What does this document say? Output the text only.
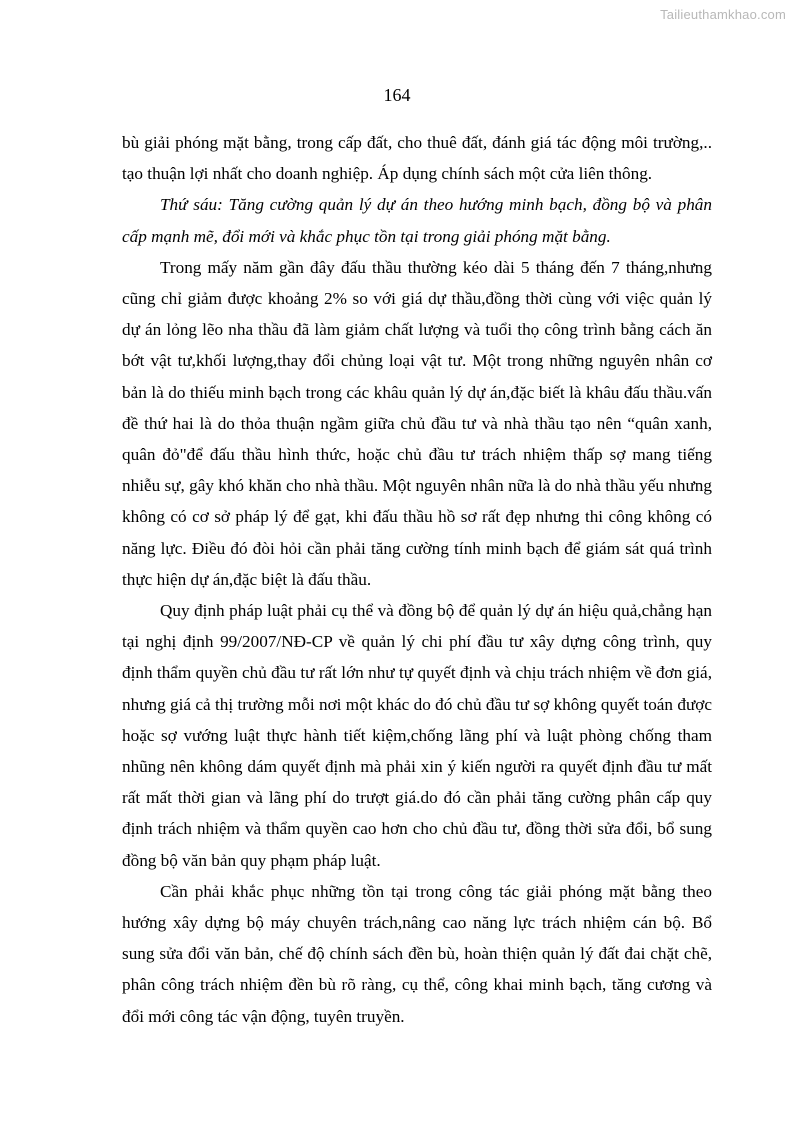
Tailieuthamkhao.com
164

bù giải phóng mặt bằng, trong cấp đất, cho thuê đất, đánh giá tác động môi trường,.. tạo thuận lợi nhất cho doanh nghiệp. Áp dụng chính sách một cửa liên thông.

Thứ sáu: Tăng cường quản lý dự án theo hướng minh bạch, đồng bộ và phân cấp mạnh mẽ, đổi mới và khắc phục tồn tại trong giải phóng mặt bằng.

Trong mấy năm gần đây đấu thầu thường kéo dài 5 tháng đến 7 tháng,nhưng cũng chỉ giảm được khoảng 2% so với giá dự thầu,đồng thời cùng với việc quản lý dự án lỏng lẽo nha thầu đã làm giảm chất lượng và tuổi thọ công trình bằng cách ăn bớt vật tư,khối lượng,thay đổi chủng loại vật tư. Một trong những nguyên nhân cơ bản là do thiếu minh bạch trong các khâu quản lý dự án,đặc biết là khâu đấu thầu.vấn đề thứ hai là do thỏa thuận ngầm giữa chủ đầu tư và nhà thầu tạo nên “quân xanh, quân đỏ"để đấu thầu hình thức, hoặc chủ đầu tư trách nhiệm thấp sợ mang tiếng nhiễu sự, gây khó khăn cho nhà thầu. Một nguyên nhân nữa là do nhà thầu yếu nhưng không có cơ sở pháp lý để gạt, khi đấu thầu hồ sơ rất đẹp nhưng thi công không có năng lực. Điều đó đòi hỏi cần phải tăng cường tính minh bạch để giám sát quá trình thực hiện dự án,đặc biệt là đấu thầu.

Quy định pháp luật phải cụ thể và đồng bộ để quản lý dự án hiệu quả,chẳng hạn tại nghị định 99/2007/NĐ-CP về quản lý chi phí đầu tư xây dựng công trình, quy định thẩm quyền chủ đầu tư rất lớn như tự quyết định và chịu trách nhiệm về đơn giá, nhưng giá cả thị trường mỗi nơi một khác do đó chủ đầu tư sợ không quyết toán được hoặc sợ vướng luật thực hành tiết kiệm,chống lãng phí và luật phòng chống tham nhũng nên không dám quyết định mà phải xin ý kiến người ra quyết định đầu tư mất rất mất thời gian và lãng phí do trượt giá.do đó cần phải tăng cường phân cấp quy định trách nhiệm và thẩm quyền cao hơn cho chủ đầu tư, đồng thời sửa đổi, bổ sung đồng bộ văn bản quy phạm pháp luật.

Cần phải khắc phục những tồn tại trong công tác giải phóng mặt bằng theo hướng xây dựng bộ máy chuyên trách,nâng cao năng lực trách nhiệm cán bộ. Bổ sung sửa đổi văn bản, chế độ chính sách đền bù, hoàn thiện quản lý đất đai chặt chẽ, phân công trách nhiệm đền bù rõ ràng, cụ thể, công khai minh bạch, tăng cương và đổi mới công tác vận động, tuyên truyền.
